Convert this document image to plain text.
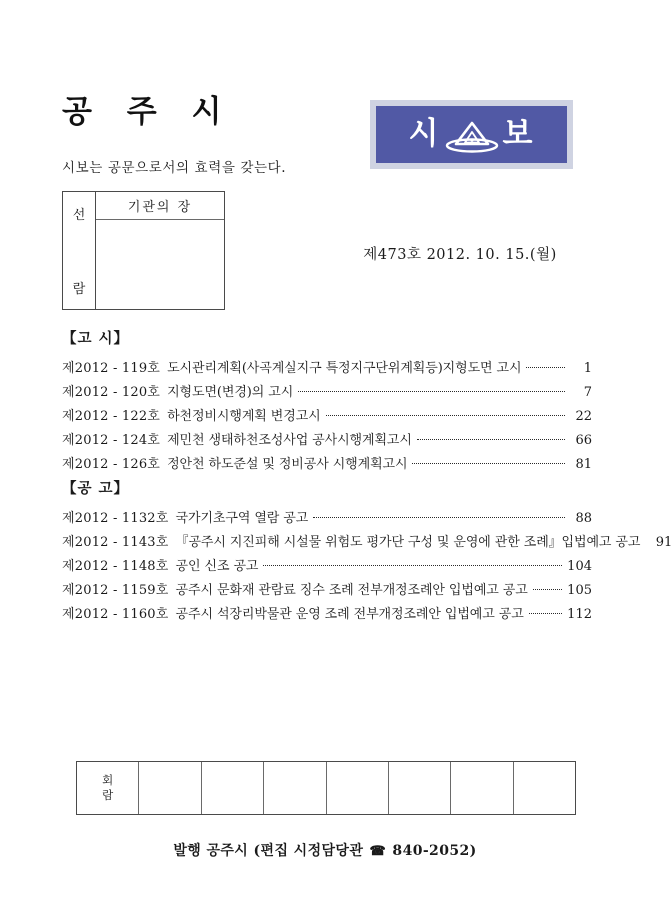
공 주 시
시보는 공문으로서의 효력을 갖는다.
시 보
선
람
기관의 장
제473호 2012. 10. 15.(월)
【고 시】
제2012 - 119호 도시관리계획(사곡계실지구 특정지구단위계획등)지형도면 고시	1
제2012 - 120호 지형도면(변경)의 고시	7
제2012 - 122호 하천정비시행계획 변경고시	22
제2012 - 124호 제민천 생태하천조성사업 공사시행계획고시	66
제2012 - 126호 정안천 하도준설 및 정비공사 시행계획고시	81
【공 고】
제2012 - 1132호 국가기초구역 열람 공고	88
제2012 - 1143호 『공주시 지진피해 시설물 위험도 평가단 구성 및 운영에 관한 조례』입법예고 공고	91
제2012 - 1148호 공인 신조 공고	104
제2012 - 1159호 공주시 문화재 관람료 징수 조례 전부개정조례안 입법예고 공고	105
제2012 - 1160호 공주시 석장리박물관 운영 조례 전부개정조례안 입법예고 공고	112
회
람
발행 공주시 (편집 시정담당관 ☎ 840-2052)
